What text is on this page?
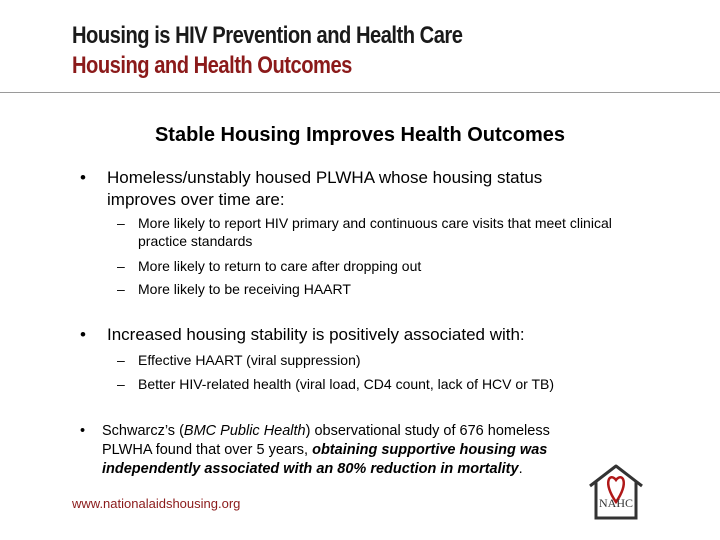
Housing is HIV Prevention and Health Care
Housing and Health Outcomes
Stable Housing Improves Health Outcomes
• Homeless/unstably housed PLWHA whose housing status improves over time are:
– More likely to report HIV primary and continuous care visits that meet clinical practice standards
– More likely to return to care after dropping out
– More likely to be receiving HAART
• Increased housing stability is positively associated with:
– Effective HAART (viral suppression)
– Better HIV-related health (viral load, CD4 count, lack of HCV or TB)
• Schwarcz’s (BMC Public Health) observational study of 676 homeless PLWHA found that over 5 years, obtaining supportive housing was independently associated with an 80% reduction in mortality.
www.nationalaidshousing.org	NAHC
